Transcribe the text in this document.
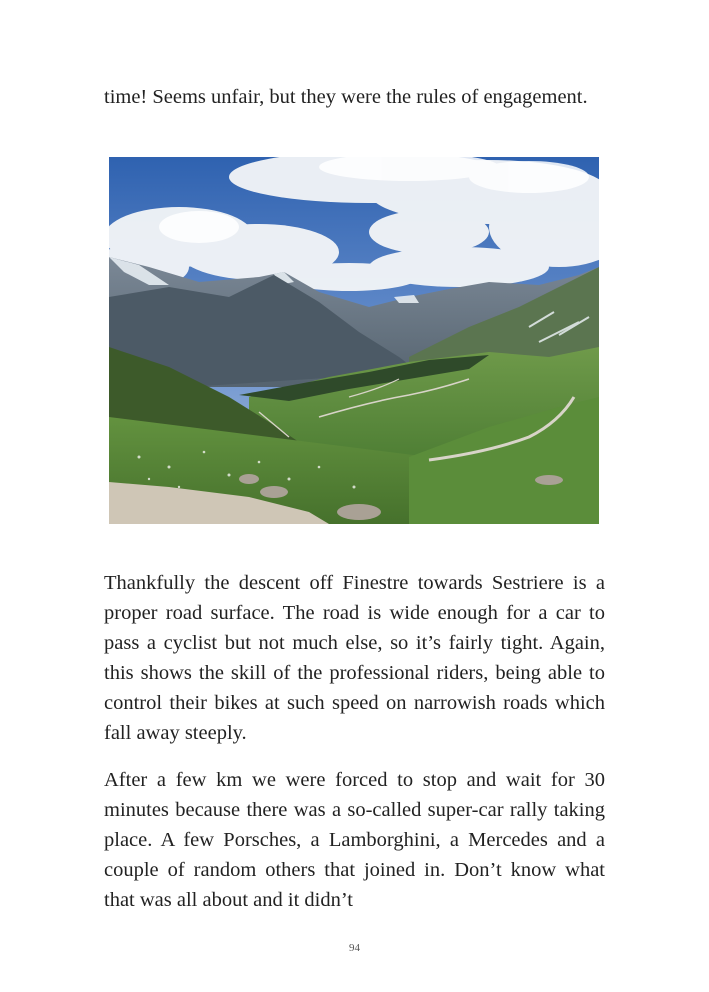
time! Seems unfair, but they were the rules of engagement.

Thankfully the descent off Finestre towards Sestriere is a proper road surface. The road is wide enough for a car to pass a cyclist but not much else, so it’s fairly tight. Again, this shows the skill of the professional riders, being able to control their bikes at such speed on narrowish roads which fall away steeply.

After a few km we were forced to stop and wait for 30 minutes because there was a so-called super-car rally taking place. A few Porsches, a Lamborghini, a Mercedes and a couple of random others that joined in. Don’t know what that was all about and it didn’t

94
